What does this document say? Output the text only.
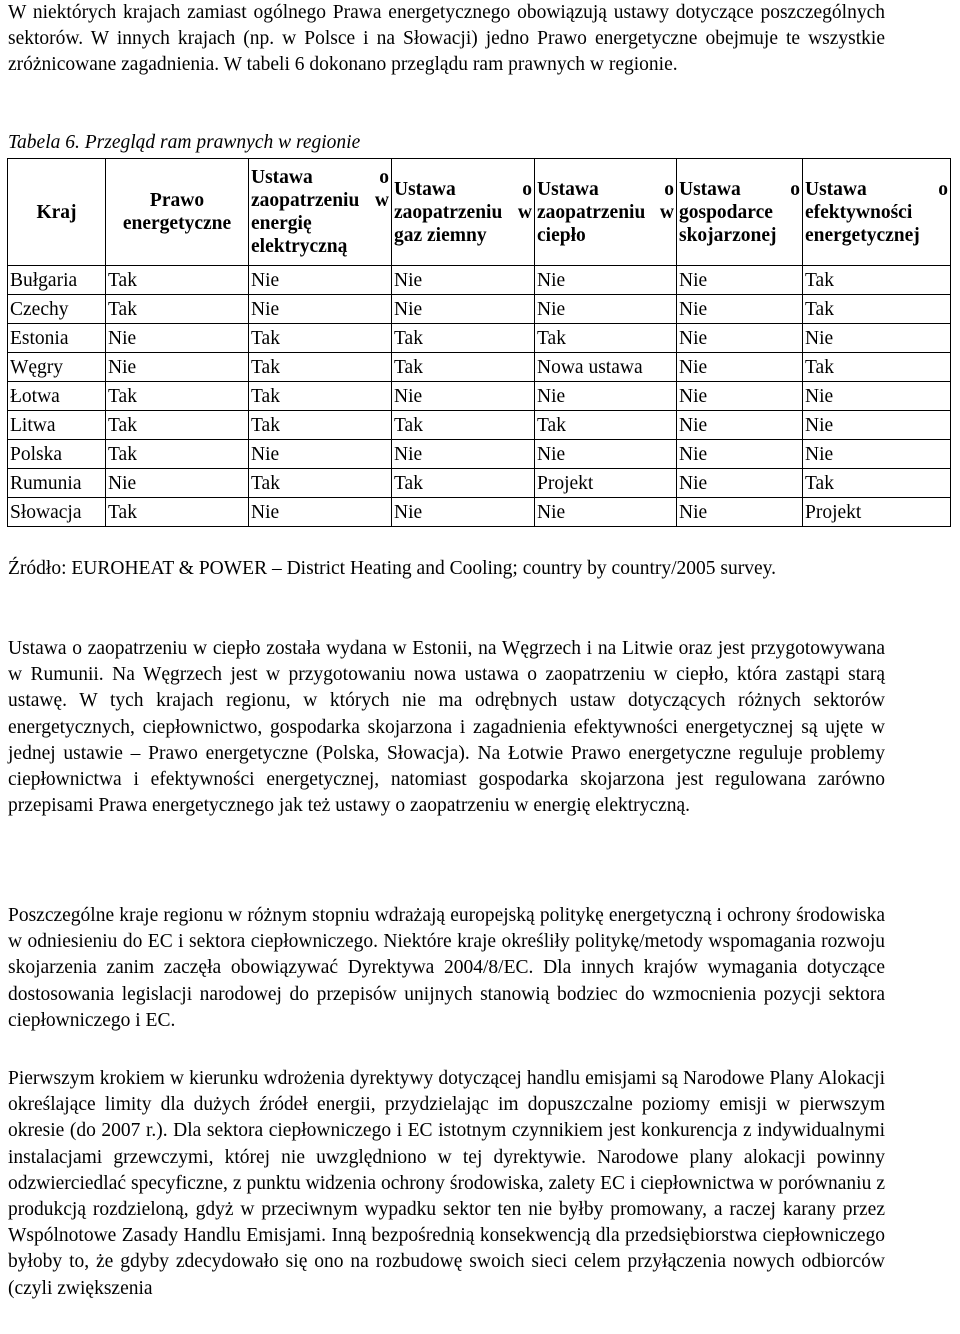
W niektórych krajach zamiast ogólnego Prawa energetycznego obowiązują ustawy dotyczące poszczególnych sektorów. W innych krajach (np. w Polsce i na Słowacji) jedno Prawo energetyczne obejmuje te wszystkie zróżnicowane zagadnienia. W tabeli 6 dokonano przeglądu ram prawnych w regionie.

Tabela 6. Przegląd ram prawnych w regionie
Kraj	Prawo energetyczne	Ustawa o zaopatrzeniu w energię elektryczną	Ustawa o zaopatrzeniu w gaz ziemny	Ustawa o zaopatrzeniu w ciepło	Ustawa o gospodarce skojarzonej	Ustawa o efektywności energetycznej
Bułgaria	Tak	Nie	Nie	Nie	Nie	Tak
Czechy	Tak	Nie	Nie	Nie	Nie	Tak
Estonia	Nie	Tak	Tak	Tak	Nie	Nie
Węgry	Nie	Tak	Tak	Nowa ustawa	Nie	Tak
Łotwa	Tak	Tak	Nie	Nie	Nie	Nie
Litwa	Tak	Tak	Tak	Tak	Nie	Nie
Polska	Tak	Nie	Nie	Nie	Nie	Nie
Rumunia	Nie	Tak	Tak	Projekt	Nie	Tak
Słowacja	Tak	Nie	Nie	Nie	Nie	Projekt

Źródło: EUROHEAT & POWER – District Heating and Cooling; country by country/2005 survey.

Ustawa o zaopatrzeniu w ciepło została wydana w Estonii, na Węgrzech i na Litwie oraz jest przygotowywana w Rumunii. Na Węgrzech jest w przygotowaniu nowa ustawa o zaopatrzeniu w ciepło, która zastąpi starą ustawę. W tych krajach regionu, w których nie ma odrębnych ustaw dotyczących różnych sektorów energetycznych, ciepłownictwo, gospodarka skojarzona i zagadnienia efektywności energetycznej są ujęte w jednej ustawie – Prawo energetyczne (Polska, Słowacja). Na Łotwie Prawo energetyczne reguluje problemy ciepłownictwa i efektywności energetycznej, natomiast gospodarka skojarzona jest regulowana zarówno przepisami Prawa energetycznego jak też ustawy o zaopatrzeniu w energię elektryczną.

Poszczególne kraje regionu w różnym stopniu wdrażają europejską politykę energetyczną i ochrony środowiska w odniesieniu do EC i sektora ciepłowniczego. Niektóre kraje określiły politykę/metody wspomagania rozwoju skojarzenia zanim zaczęła obowiązywać Dyrektywa 2004/8/EC. Dla innych krajów wymagania dotyczące dostosowania legislacji narodowej do przepisów unijnych stanowią bodziec do wzmocnienia pozycji sektora ciepłowniczego i EC.

Pierwszym krokiem w kierunku wdrożenia dyrektywy dotyczącej handlu emisjami są Narodowe Plany Alokacji określające limity dla dużych źródeł energii, przydzielając im dopuszczalne poziomy emisji w pierwszym okresie (do 2007 r.). Dla sektora ciepłowniczego i EC istotnym czynnikiem jest konkurencja z indywidualnymi instalacjami grzewczymi, której nie uwzględniono w tej dyrektywie. Narodowe plany alokacji powinny odzwierciedlać specyficzne, z punktu widzenia ochrony środowiska, zalety EC i ciepłownictwa w porównaniu z produkcją rozdzieloną, gdyż w przeciwnym wypadku sektor ten nie byłby promowany, a raczej karany przez Wspólnotowe Zasady Handlu Emisjami. Inną bezpośrednią konsekwencją dla przedsiębiorstwa ciepłowniczego byłoby to, że gdyby zdecydowało się ono na rozbudowę swoich sieci celem przyłączenia nowych odbiorców (czyli zwiększenia
